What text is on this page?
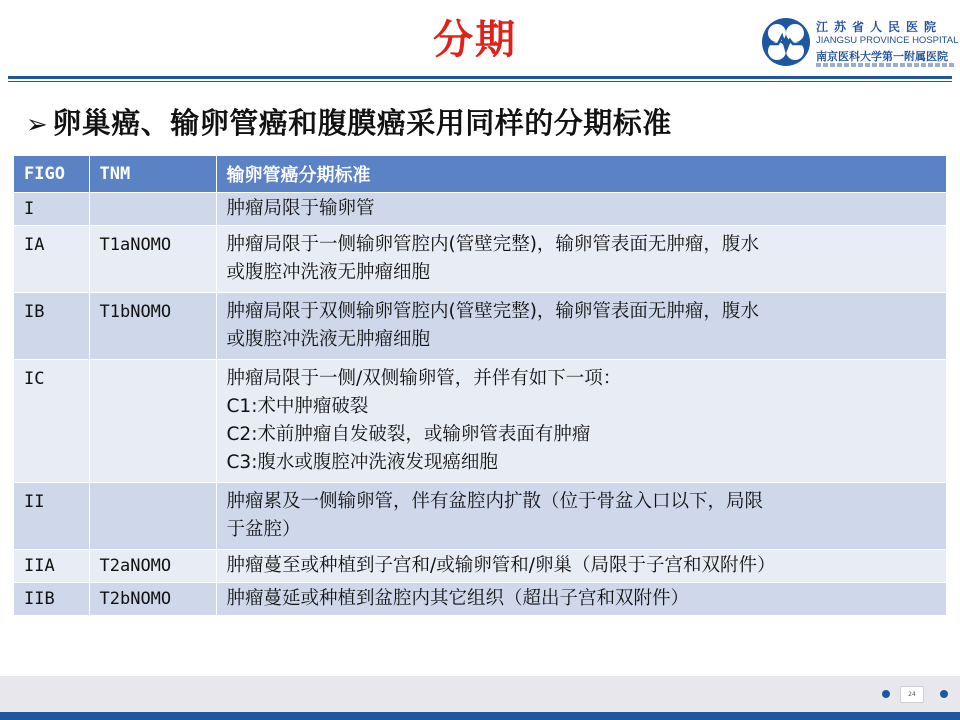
分期	江苏省人民医院
JIANGSU PROVINCE HOSPITAL
南京医科大学第一附属医院
➢ 卵巢癌、输卵管癌和腹膜癌采用同样的分期标准
FIGO	TNM	输卵管癌分期标准
I		肿瘤局限于输卵管

IA	T1aNOMO	肿瘤局限于一侧输卵管腔内(管壁完整)，输卵管表面无肿瘤，腹水
或腹腔冲洗液无肿瘤细胞

IB	T1bNOMO	肿瘤局限于双侧输卵管腔内(管壁完整)，输卵管表面无肿瘤，腹水
或腹腔冲洗液无肿瘤细胞

IC		肿瘤局限于一侧/双侧输卵管，并伴有如下一项：
C1:术中肿瘤破裂
C2:术前肿瘤自发破裂，或输卵管表面有肿瘤
C3:腹水或腹腔冲洗液发现癌细胞

II		肿瘤累及一侧输卵管，伴有盆腔内扩散（位于骨盆入口以下，局限
于盆腔）

IIA	T2aNOMO	肿瘤蔓至或种植到子宫和/或输卵管和/卵巢（局限于子宫和双附件）

IIB	T2bNOMO	肿瘤蔓延或种植到盆腔内其它组织（超出子宫和双附件）
24
